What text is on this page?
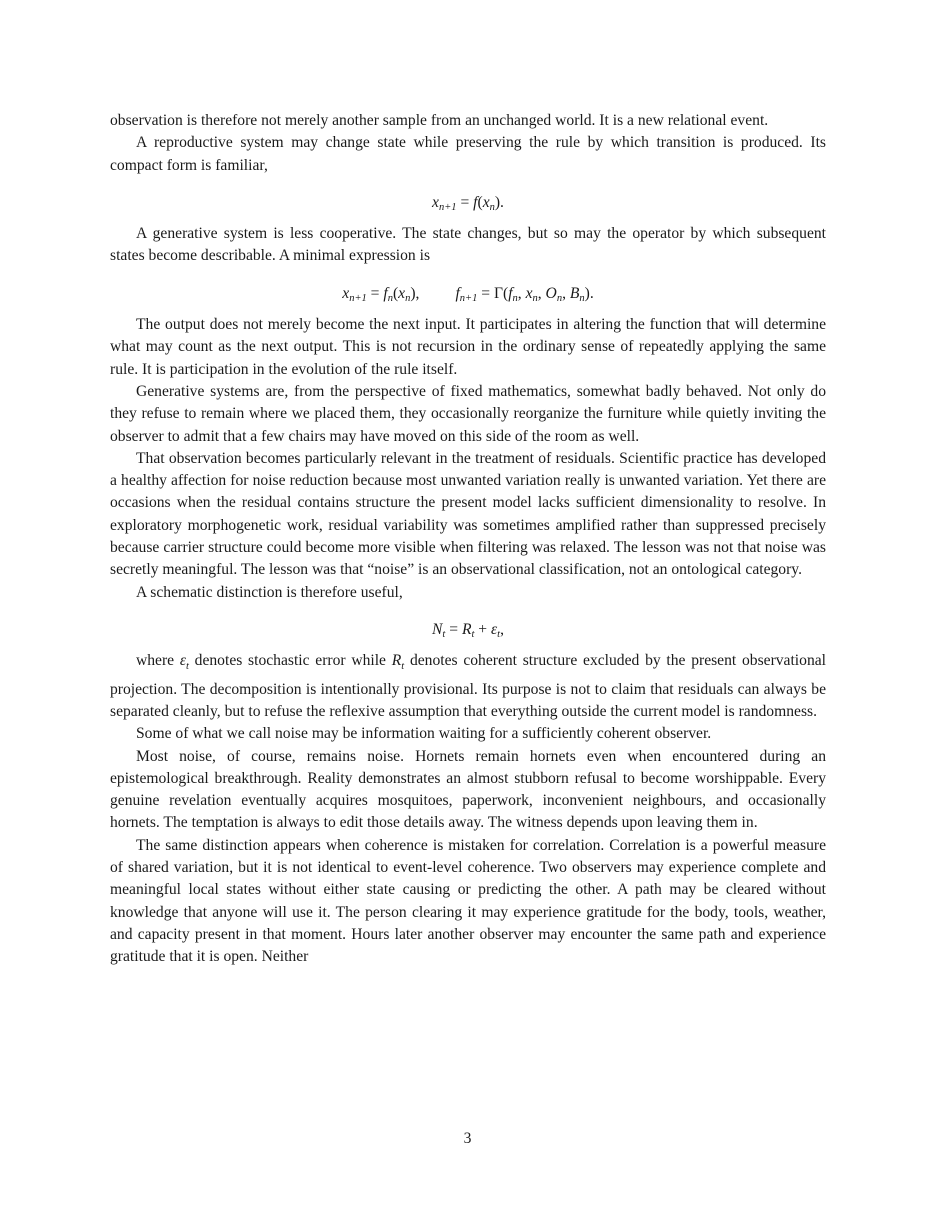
observation is therefore not merely another sample from an unchanged world. It is a new relational event.

A reproductive system may change state while preserving the rule by which transition is produced. Its compact form is familiar,

$x_{n+1} = f(x_n)$.

A generative system is less cooperative. The state changes, but so may the operator by which subsequent states become describable. A minimal expression is

$x_{n+1} = f_n(x_n)$, $f_{n+1} = \Gamma(f_n$, $x_n$, $O_n$, $B_n$).

The output does not merely become the next input. It participates in altering the function that will determine what may count as the next output. This is not recursion in the ordinary sense of repeatedly applying the same rule. It is participation in the evolution of the rule itself.

Generative systems are, from the perspective of fixed mathematics, somewhat badly behaved. Not only do they refuse to remain where we placed them, they occasionally reorganize the furniture while quietly inviting the observer to admit that a few chairs may have moved on this side of the room as well.

That observation becomes particularly relevant in the treatment of residuals. Scientific practice has developed a healthy affection for noise reduction because most unwanted variation really is unwanted variation. Yet there are occasions when the residual contains structure the present model lacks sufficient dimensionality to resolve. In exploratory morphogenetic work, residual variability was sometimes amplified rather than suppressed precisely because carrier structure could become more visible when filtering was relaxed. The lesson was not that noise was secretly meaningful. The lesson was that “noise” is an observational classification, not an ontological category.

A schematic distinction is therefore useful,

$N_t = R_t + \varepsilon_t$,

where $\varepsilon_t$ denotes stochastic error while $R_t$ denotes coherent structure excluded by the present observational projection. The decomposition is intentionally provisional. Its purpose is not to claim that residuals can always be separated cleanly, but to refuse the reflexive assumption that everything outside the current model is randomness.

Some of what we call noise may be information waiting for a sufficiently coherent observer.

Most noise, of course, remains noise. Hornets remain hornets even when encountered during an epistemological breakthrough. Reality demonstrates an almost stubborn refusal to become worshippable. Every genuine revelation eventually acquires mosquitoes, paperwork, inconvenient neighbours, and occasionally hornets. The temptation is always to edit those details away. The witness depends upon leaving them in.

The same distinction appears when coherence is mistaken for correlation. Correlation is a powerful measure of shared variation, but it is not identical to event-level coherence. Two observers may experience complete and meaningful local states without either state causing or predicting the other. A path may be cleared without knowledge that anyone will use it. The person clearing it may experience gratitude for the body, tools, weather, and capacity present in that moment. Hours later another observer may encounter the same path and experience gratitude that it is open. Neither

3
